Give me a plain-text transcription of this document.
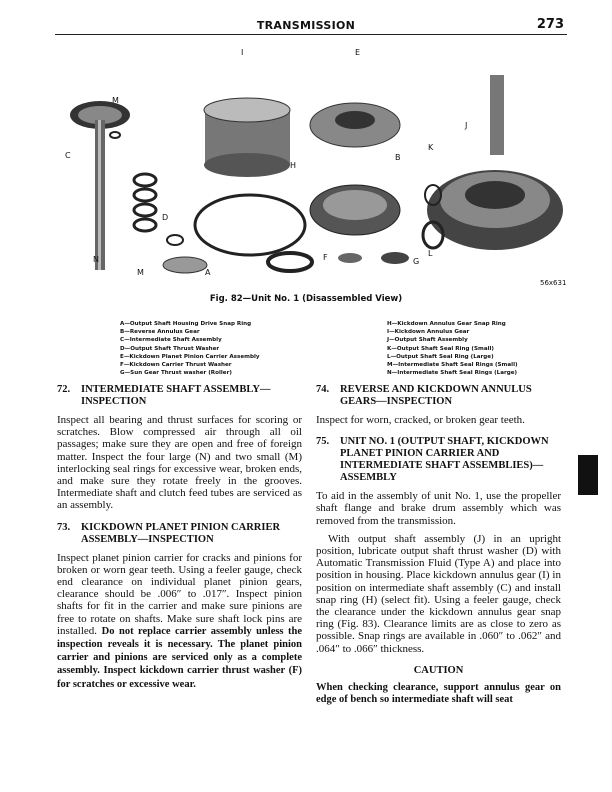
TRANSMISSION	273
I	E
M
C
H
B
K
J
D
N
M	A
F	G
L
56x631
Fig. 82—Unit No. 1 (Disassembled View)
A—Output Shaft Housing Drive Snap Ring
B—Reverse Annulus Gear
C—Intermediate Shaft Assembly
D—Output Shaft Thrust Washer
E—Kickdown Planet Pinion Carrier Assembly
F—Kickdown Carrier Thrust Washer
G—Sun Gear Thrust washer (Roller)
H—Kickdown Annulus Gear Snap Ring
I—Kickdown Annulus Gear
J—Output Shaft Assembly
K—Output Shaft Seal Ring (Small)
L—Output Shaft Seal Ring (Large)
M—Intermediate Shaft Seal Rings (Small)
N—Intermediate Shaft Seal Rings (Large)
72. INTERMEDIATE SHAFT ASSEMBLY—INSPECTION

Inspect all bearing and thrust surfaces for scoring or scratches. Blow compressed air through all oil passages; make sure they are open and free of foreign matter. Inspect the four large (N) and two small (M) interlocking seal rings for excessive wear, broken ends, and make sure they rotate freely in the grooves. Intermediate shaft and clutch feed tubes are serviced as an assembly.

73. KICKDOWN PLANET PINION CARRIER ASSEMBLY—INSPECTION

Inspect planet pinion carrier for cracks and pinions for broken or worn gear teeth. Using a feeler gauge, check end clearance on individual planet pinion gears, clearance should be .006″ to .017″. Inspect pinion shafts for fit in the carrier and make sure pinions are free to rotate on shafts. Make sure shaft lock pins are installed. Do not replace carrier assembly unless the inspection reveals it is necessary. The planet pinion carrier and pinions are serviced only as a complete assembly. Inspect kickdown carrier thrust washer (F) for scratches or excessive wear.

74. REVERSE AND KICKDOWN ANNULUS GEARS—INSPECTION

Inspect for worn, cracked, or broken gear teeth.

75. UNIT NO. 1 (OUTPUT SHAFT, KICKDOWN PLANET PINION CARRIER AND INTERMEDIATE SHAFT ASSEMBLIES)—ASSEMBLY

To aid in the assembly of unit No. 1, use the propeller shaft flange and brake drum assembly which was removed from the transmission.

With output shaft assembly (J) in an upright position, lubricate output shaft thrust washer (D) with Automatic Transmission Fluid (Type A) and place into position in housing. Place kickdown annulus gear (I) in position on intermediate shaft assembly (C) and install snap ring (H) (select fit). Using a feeler gauge, check the clearance under the kickdown annulus gear snap ring (Fig. 83). Clearance limits are as close to zero as possible. Snap rings are available in .060″ to .062″ and .064″ to .066″ thickness.

CAUTION

When checking clearance, support annulus gear on edge of bench so intermediate shaft will seat
